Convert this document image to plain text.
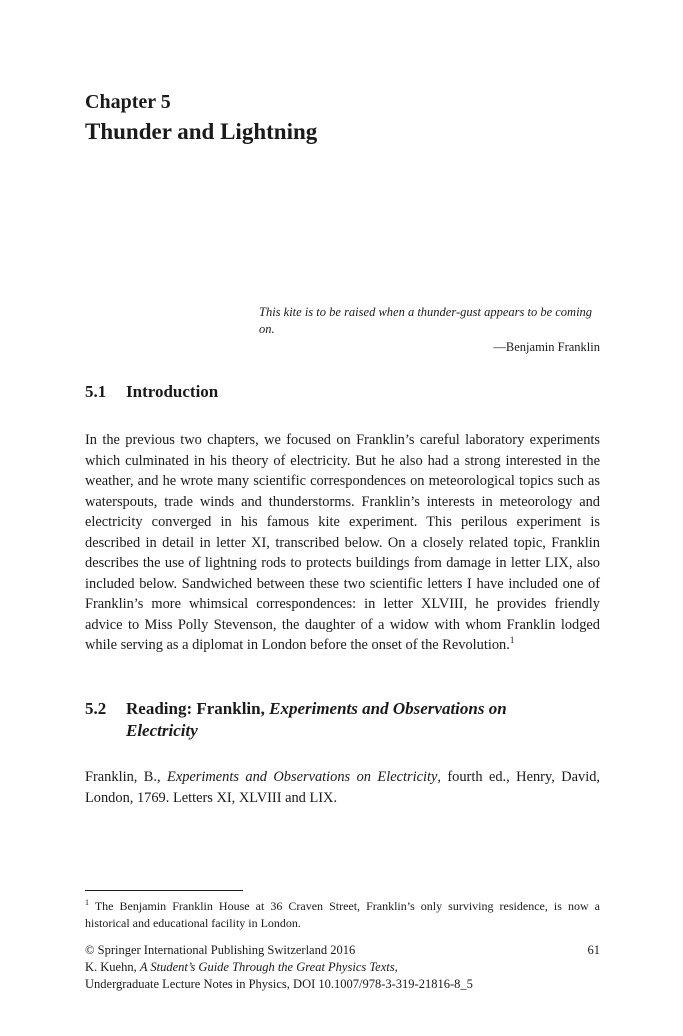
Chapter 5
Thunder and Lightning

This kite is to be raised when a thunder-gust appears to be coming on.

—Benjamin Franklin

5.1	Introduction

In the previous two chapters, we focused on Franklin’s careful laboratory experiments which culminated in his theory of electricity. But he also had a strong interested in the weather, and he wrote many scientific correspondences on meteorological topics such as waterspouts, trade winds and thunderstorms. Franklin’s interests in meteorology and electricity converged in his famous kite experiment. This perilous experiment is described in detail in letter XI, transcribed below. On a closely related topic, Franklin describes the use of lightning rods to protects buildings from damage in letter LIX, also included below. Sandwiched between these two scientific letters I have included one of Franklin’s more whimsical correspondences: in letter XLVIII, he provides friendly advice to Miss Polly Stevenson, the daughter of a widow with whom Franklin lodged while serving as a diplomat in London before the onset of the Revolution.$^1$

5.2	Reading: Franklin, Experiments and Observations on Electricity

Franklin, B., Experiments and Observations on Electricity, fourth ed., Henry, David, London, 1769. Letters XI, XLVIII and LIX.

$^1$ The Benjamin Franklin House at 36 Craven Street, Franklin’s only surviving residence, is now a historical and educational facility in London.

© Springer International Publishing Switzerland 2016	61
K. Kuehn, A Student’s Guide Through the Great Physics Texts,
Undergraduate Lecture Notes in Physics, DOI 10.1007/978-3-319-21816-8_5
